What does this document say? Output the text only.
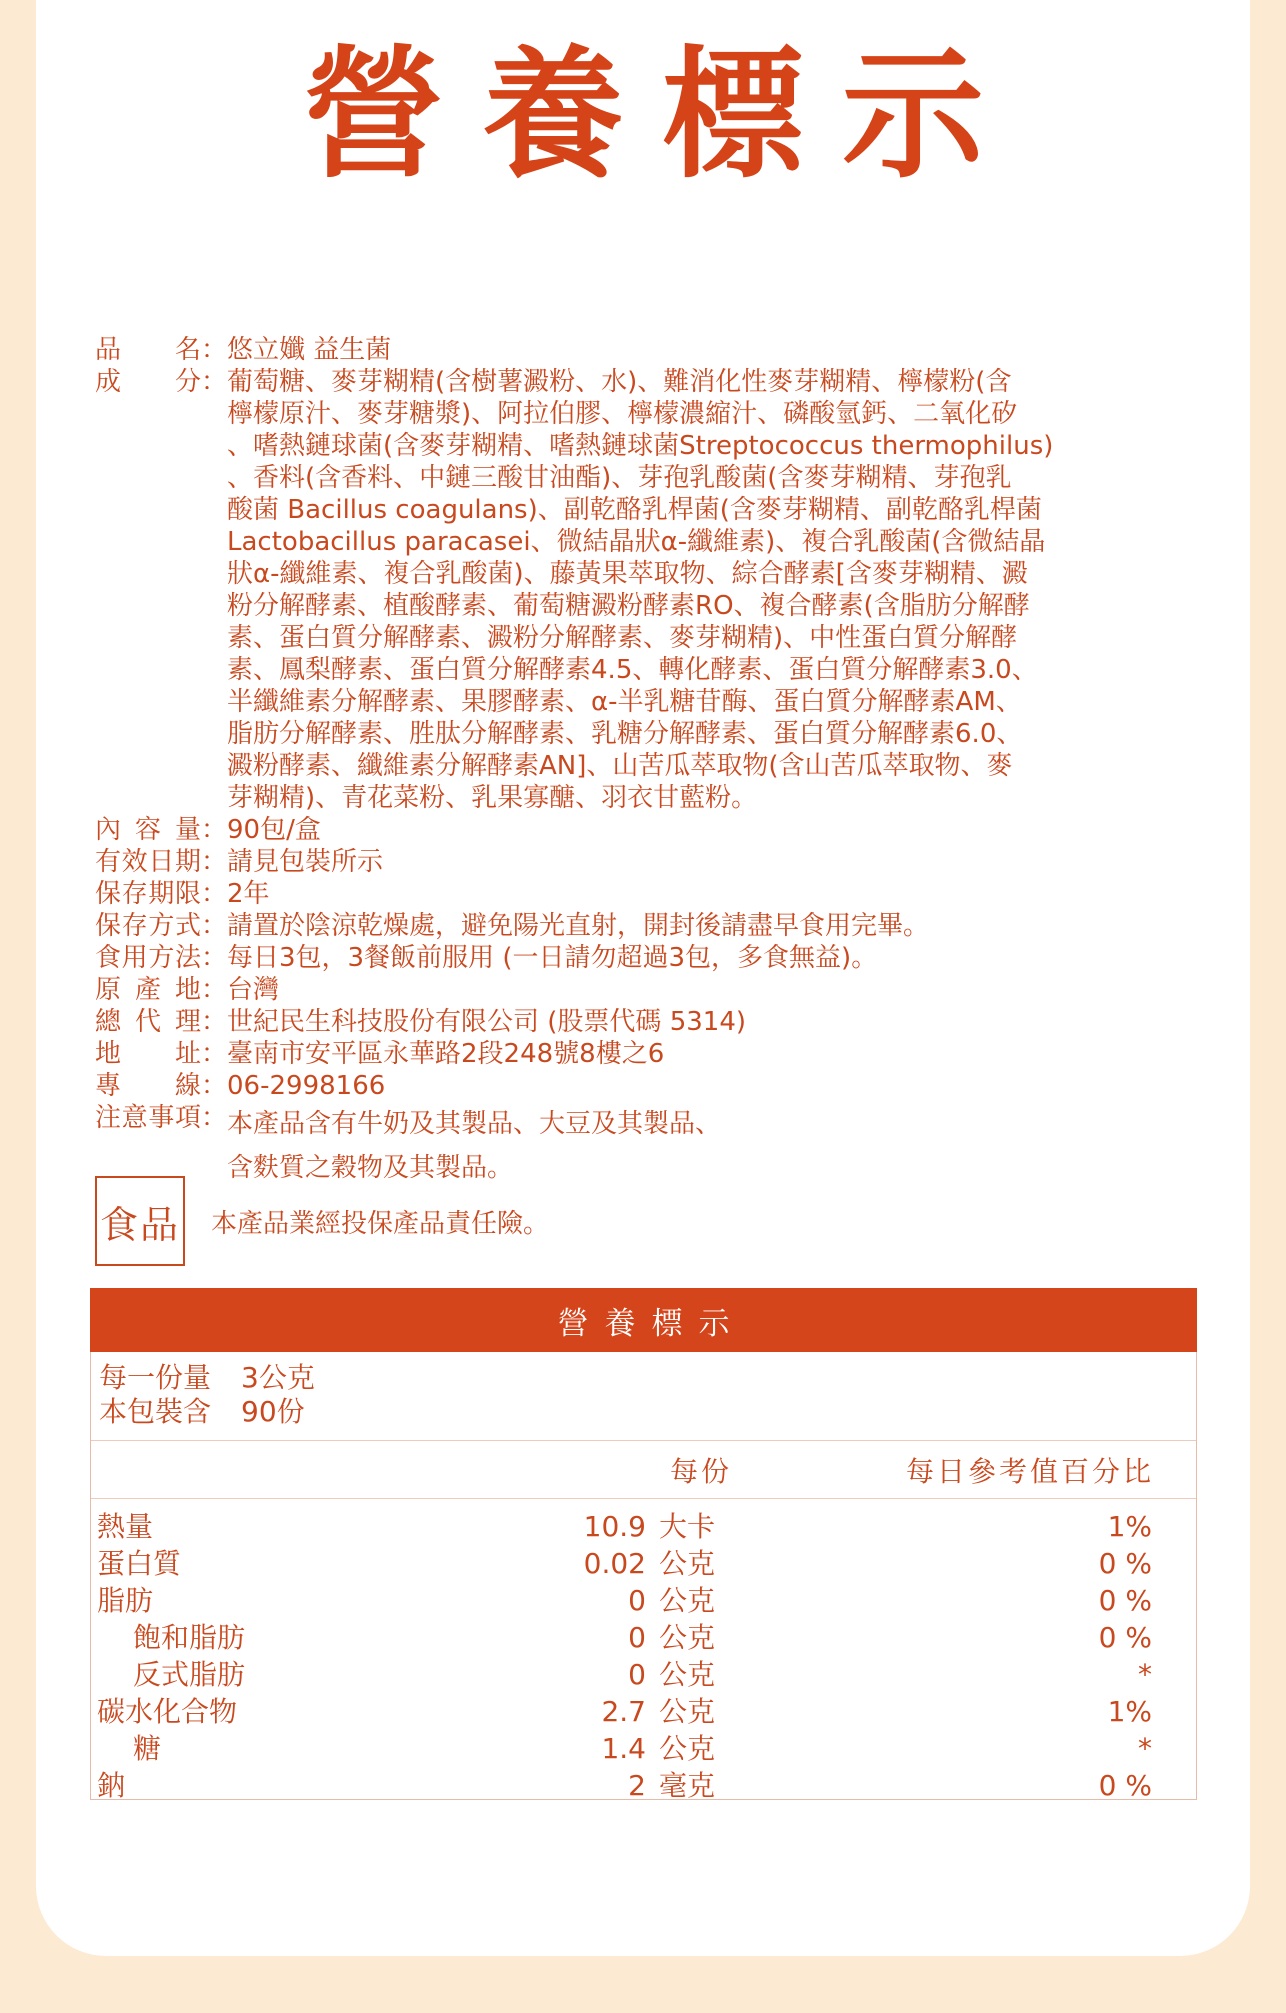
營養標示
品名 ： 悠立孅 益生菌
成分 ： 葡萄糖、麥芽糊精(含樹薯澱粉、水)、難消化性麥芽糊精、檸檬粉(含
檸檬原汁、麥芽糖漿)、阿拉伯膠、檸檬濃縮汁、磷酸氫鈣、二氧化矽
、嗜熱鏈球菌(含麥芽糊精、嗜熱鏈球菌Streptococcus thermophilus)
、香料(含香料、中鏈三酸甘油酯)、芽孢乳酸菌(含麥芽糊精、芽孢乳
酸菌 Bacillus coagulans)、副乾酪乳桿菌(含麥芽糊精、副乾酪乳桿菌
Lactobacillus paracasei、微結晶狀α-纖維素)、複合乳酸菌(含微結晶
狀α-纖維素、複合乳酸菌)、藤黃果萃取物、綜合酵素[含麥芽糊精、澱
粉分解酵素、植酸酵素、葡萄糖澱粉酵素RO、複合酵素(含脂肪分解酵
素、蛋白質分解酵素、澱粉分解酵素、麥芽糊精)、中性蛋白質分解酵
素、鳳梨酵素、蛋白質分解酵素4.5、轉化酵素、蛋白質分解酵素3.0、
半纖維素分解酵素、果膠酵素、α-半乳糖苷酶、蛋白質分解酵素AM、
脂肪分解酵素、胜肽分解酵素、乳糖分解酵素、蛋白質分解酵素6.0、
澱粉酵素、纖維素分解酵素AN]、山苦瓜萃取物(含山苦瓜萃取物、麥
芽糊精)、青花菜粉、乳果寡醣、羽衣甘藍粉。
內容量 ： 90包/盒
有效日期 ： 請見包裝所示
保存期限 ： 2年
保存方式 ： 請置於陰涼乾燥處，避免陽光直射，開封後請盡早食用完畢。
食用方法 ： 每日3包，3餐飯前服用 (一日請勿超過3包，多食無益)。
原產地 ： 台灣
總代理 ： 世紀民生科技股份有限公司 (股票代碼 5314)
地址 ： 臺南市安平區永華路2段248號8樓之6
專線 ： 06-2998166
注意事項 ： 本產品含有牛奶及其製品、大豆及其製品、
含麩質之穀物及其製品。
食品 本產品業經投保產品責任險。
營養標示
每一份量 3公克
本包裝含 90份
每份	每日參考值百分比
熱量	10.9 大卡	1%
蛋白質	0.02 公克	0 %
脂肪	0 公克	0 %
飽和脂肪	0 公克	0 %
反式脂肪	0 公克	*
碳水化合物	2.7 公克	1%
糖	1.4 公克	*
鈉	2 毫克	0 %
